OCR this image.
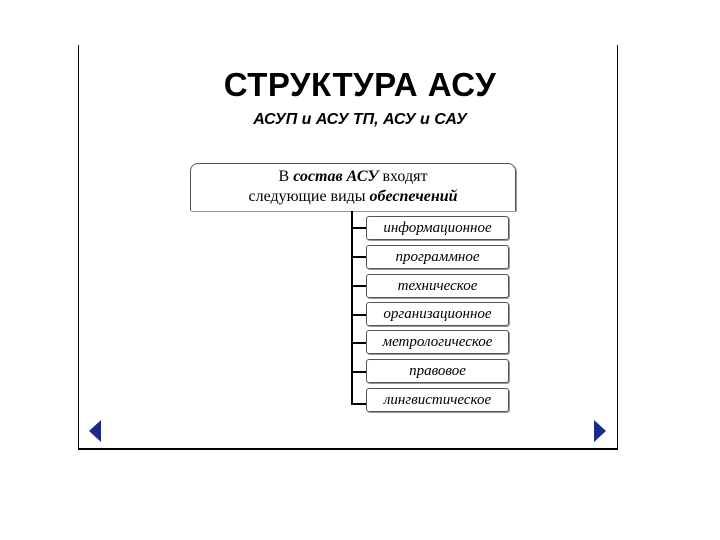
СТРУКТУРА АСУ
АСУП и АСУ ТП, АСУ и САУ
В состав АСУ входят
следующие виды обеспечений
информационное
программное
техническое
организационное
метрологическое
правовое
лингвистическое
